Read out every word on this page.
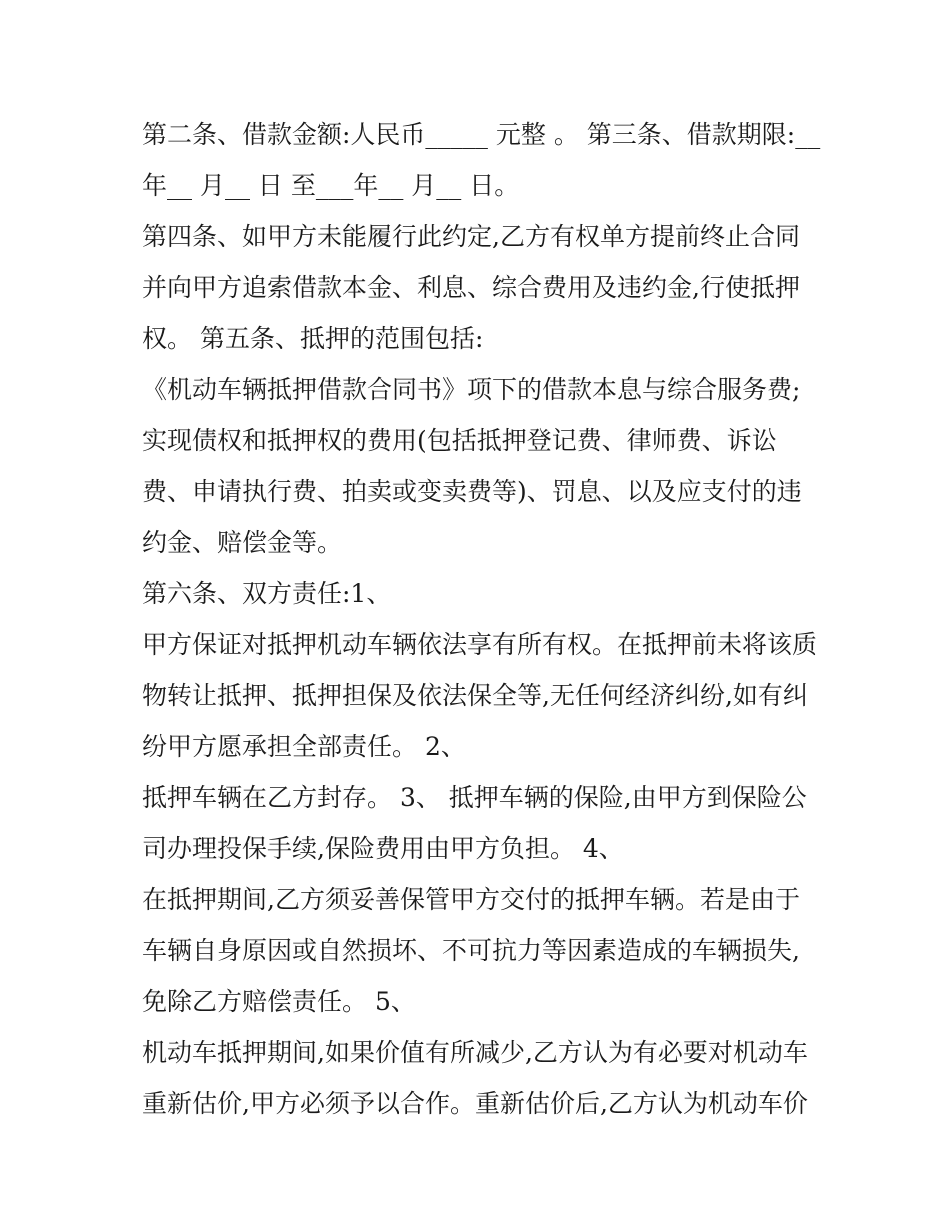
第二条、借款金额:人民币_____ 元整 。 第三条、借款期限:__
年__ 月__ 日 至___年__ 月__ 日。
第四条、如甲方未能履行此约定,乙方有权单方提前终止合同
并向甲方追索借款本金、利息、综合费用及违约金,行使抵押
权。 第五条、抵押的范围包括:
《机动车辆抵押借款合同书》项下的借款本息与综合服务费;
实现债权和抵押权的费用(包括抵押登记费、律师费、诉讼
费、申请执行费、拍卖或变卖费等)、罚息、以及应支付的违
约金、赔偿金等。
第六条、双方责任:1、
甲方保证对抵押机动车辆依法享有所有权。在抵押前未将该质
物转让抵押、抵押担保及依法保全等,无任何经济纠纷,如有纠
纷甲方愿承担全部责任。 2、
抵押车辆在乙方封存。 3、 抵押车辆的保险,由甲方到保险公
司办理投保手续,保险费用由甲方负担。 4、
在抵押期间,乙方须妥善保管甲方交付的抵押车辆。若是由于
车辆自身原因或自然损坏、不可抗力等因素造成的车辆损失,
免除乙方赔偿责任。 5、
机动车抵押期间,如果价值有所减少,乙方认为有必要对机动车
重新估价,甲方必须予以合作。重新估价后,乙方认为机动车价
